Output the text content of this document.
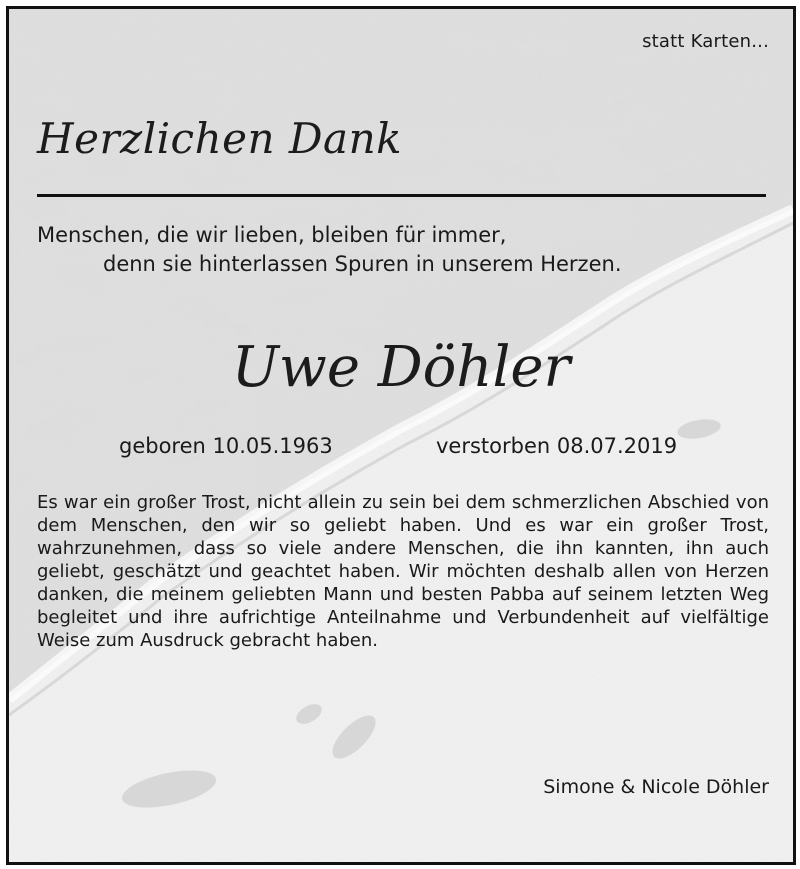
statt Karten...
Herzlichen Dank
Menschen, die wir lieben, bleiben für immer,
denn sie hinterlassen Spuren in unserem Herzen.
Uwe Döhler
geboren 10.05.1963	verstorben 08.07.2019
Es war ein großer Trost, nicht allein zu sein bei dem schmerzlichen Abschied von dem Menschen, den wir so geliebt haben. Und es war ein großer Trost, wahrzunehmen, dass so viele andere Menschen, die ihn kannten, ihn auch geliebt, geschätzt und geachtet haben. Wir möchten deshalb allen von Herzen danken, die meinem geliebten Mann und besten Pabba auf seinem letzten Weg begleitet und ihre aufrichtige Anteilnahme und Verbundenheit auf vielfältige Weise zum Ausdruck gebracht haben.
Simone & Nicole Döhler
